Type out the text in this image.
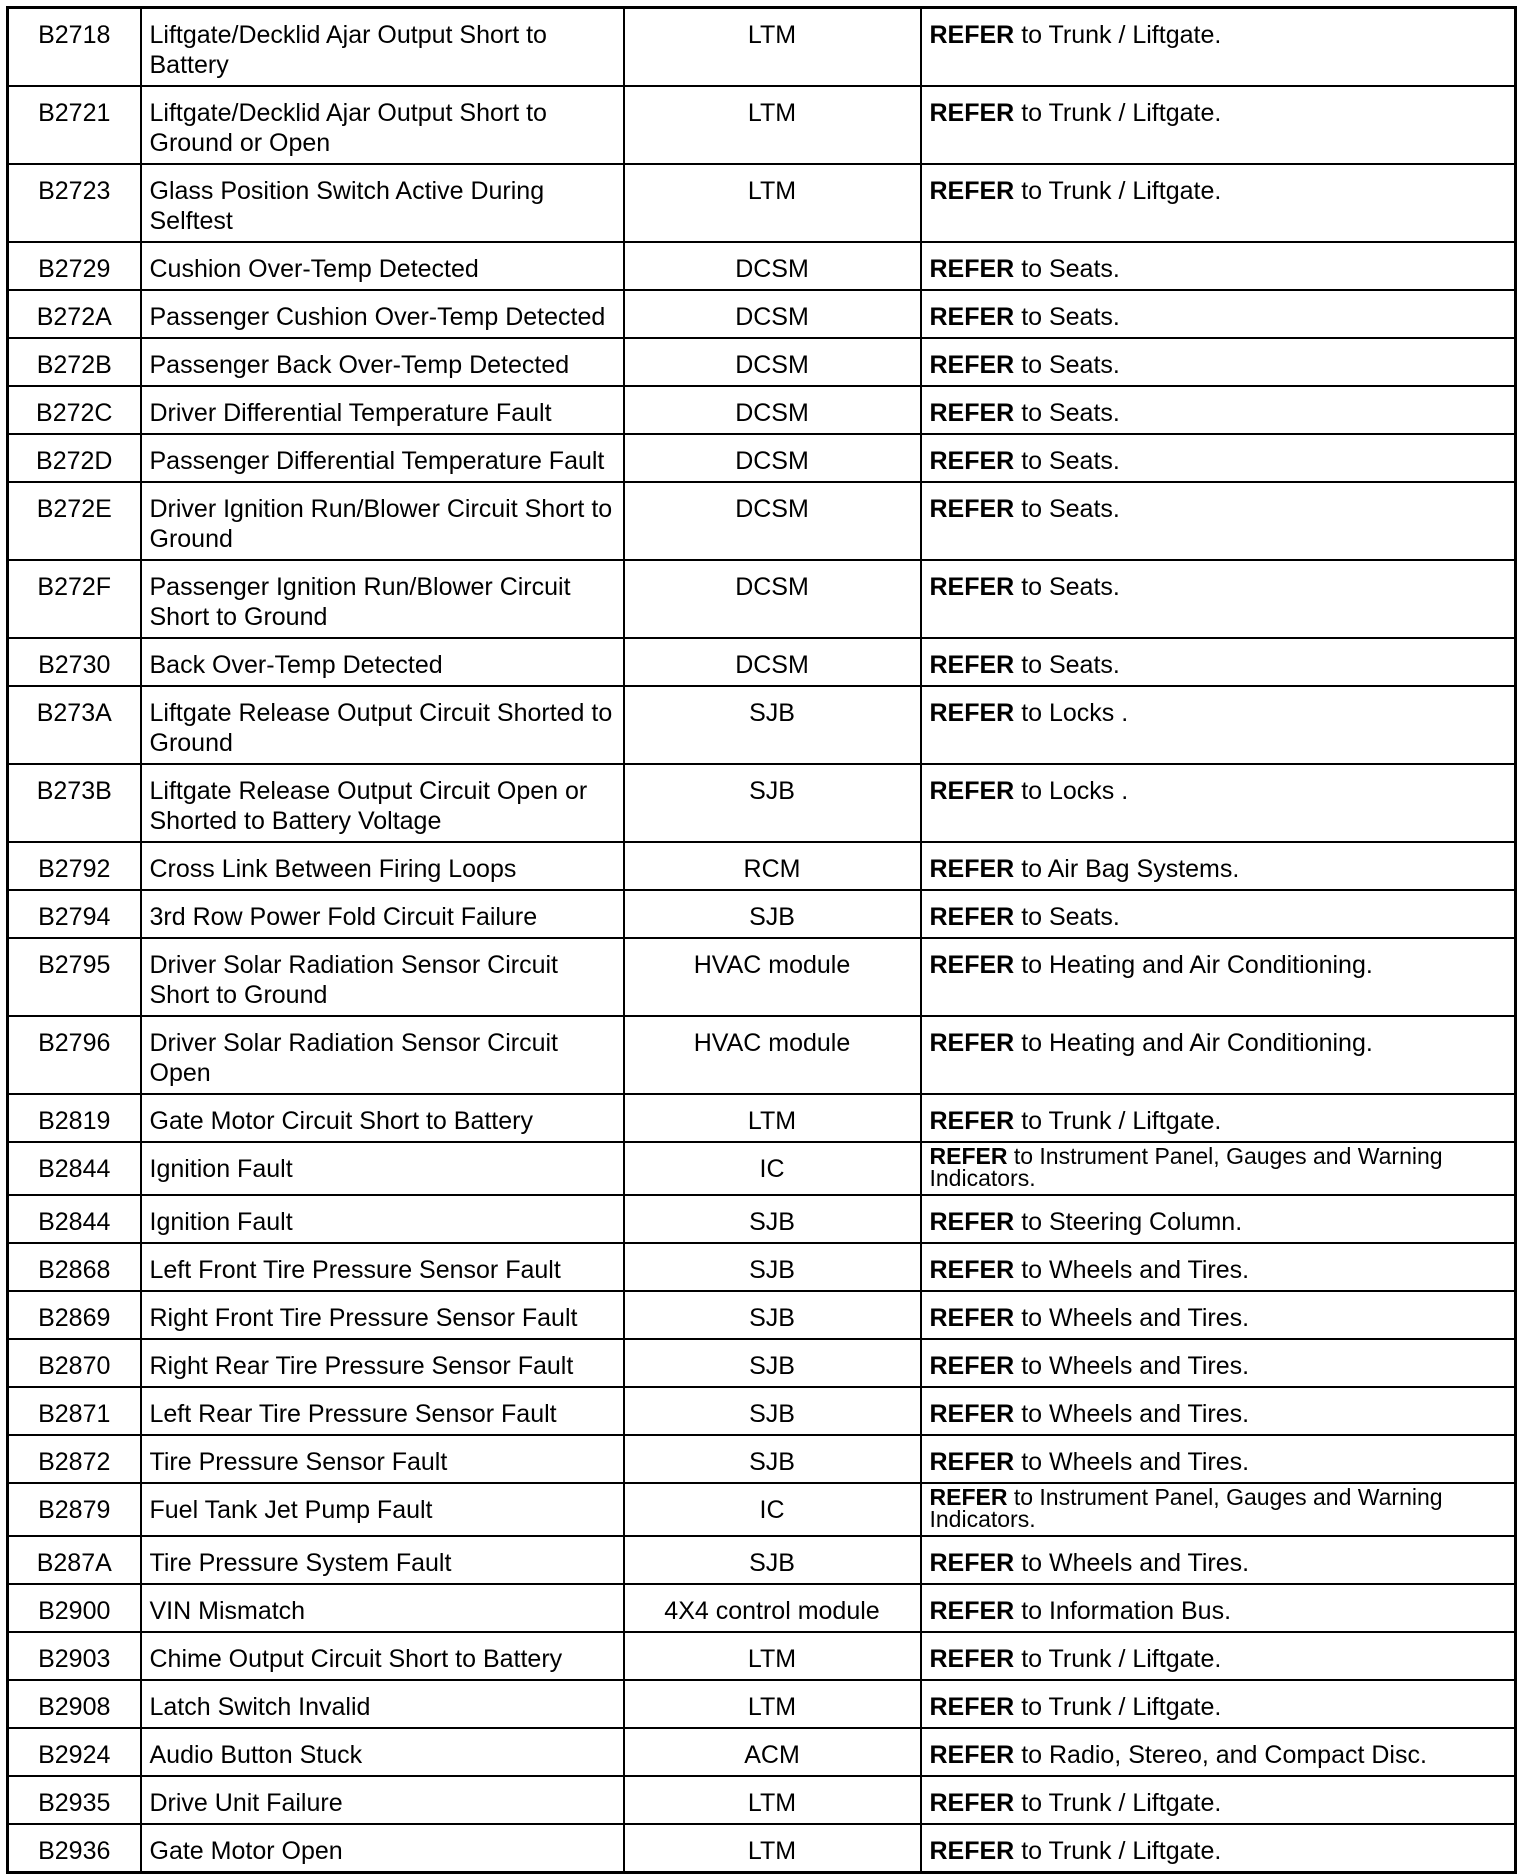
B2718	Liftgate/Decklid Ajar Output Short to Battery	LTM	REFER to Trunk / Liftgate.
B2721	Liftgate/Decklid Ajar Output Short to Ground or Open	LTM	REFER to Trunk / Liftgate.
B2723	Glass Position Switch Active During Selftest	LTM	REFER to Trunk / Liftgate.
B2729	Cushion Over-Temp Detected	DCSM	REFER to Seats.
B272A	Passenger Cushion Over-Temp Detected	DCSM	REFER to Seats.
B272B	Passenger Back Over-Temp Detected	DCSM	REFER to Seats.
B272C	Driver Differential Temperature Fault	DCSM	REFER to Seats.
B272D	Passenger Differential Temperature Fault	DCSM	REFER to Seats.
B272E	Driver Ignition Run/Blower Circuit Short to Ground	DCSM	REFER to Seats.
B272F	Passenger Ignition Run/Blower Circuit Short to Ground	DCSM	REFER to Seats.
B2730	Back Over-Temp Detected	DCSM	REFER to Seats.
B273A	Liftgate Release Output Circuit Shorted to Ground	SJB	REFER to Locks .
B273B	Liftgate Release Output Circuit Open or Shorted to Battery Voltage	SJB	REFER to Locks .
B2792	Cross Link Between Firing Loops	RCM	REFER to Air Bag Systems.
B2794	3rd Row Power Fold Circuit Failure	SJB	REFER to Seats.
B2795	Driver Solar Radiation Sensor Circuit Short to Ground	HVAC module	REFER to Heating and Air Conditioning.
B2796	Driver Solar Radiation Sensor Circuit Open	HVAC module	REFER to Heating and Air Conditioning.
B2819	Gate Motor Circuit Short to Battery	LTM	REFER to Trunk / Liftgate.
B2844	Ignition Fault	IC	REFER to Instrument Panel, Gauges and Warning Indicators.
B2844	Ignition Fault	SJB	REFER to Steering Column.
B2868	Left Front Tire Pressure Sensor Fault	SJB	REFER to Wheels and Tires.
B2869	Right Front Tire Pressure Sensor Fault	SJB	REFER to Wheels and Tires.
B2870	Right Rear Tire Pressure Sensor Fault	SJB	REFER to Wheels and Tires.
B2871	Left Rear Tire Pressure Sensor Fault	SJB	REFER to Wheels and Tires.
B2872	Tire Pressure Sensor Fault	SJB	REFER to Wheels and Tires.
B2879	Fuel Tank Jet Pump Fault	IC	REFER to Instrument Panel, Gauges and Warning Indicators.
B287A	Tire Pressure System Fault	SJB	REFER to Wheels and Tires.
B2900	VIN Mismatch	4X4 control module	REFER to Information Bus.
B2903	Chime Output Circuit Short to Battery	LTM	REFER to Trunk / Liftgate.
B2908	Latch Switch Invalid	LTM	REFER to Trunk / Liftgate.
B2924	Audio Button Stuck	ACM	REFER to Radio, Stereo, and Compact Disc.
B2935	Drive Unit Failure	LTM	REFER to Trunk / Liftgate.
B2936	Gate Motor Open	LTM	REFER to Trunk / Liftgate.
